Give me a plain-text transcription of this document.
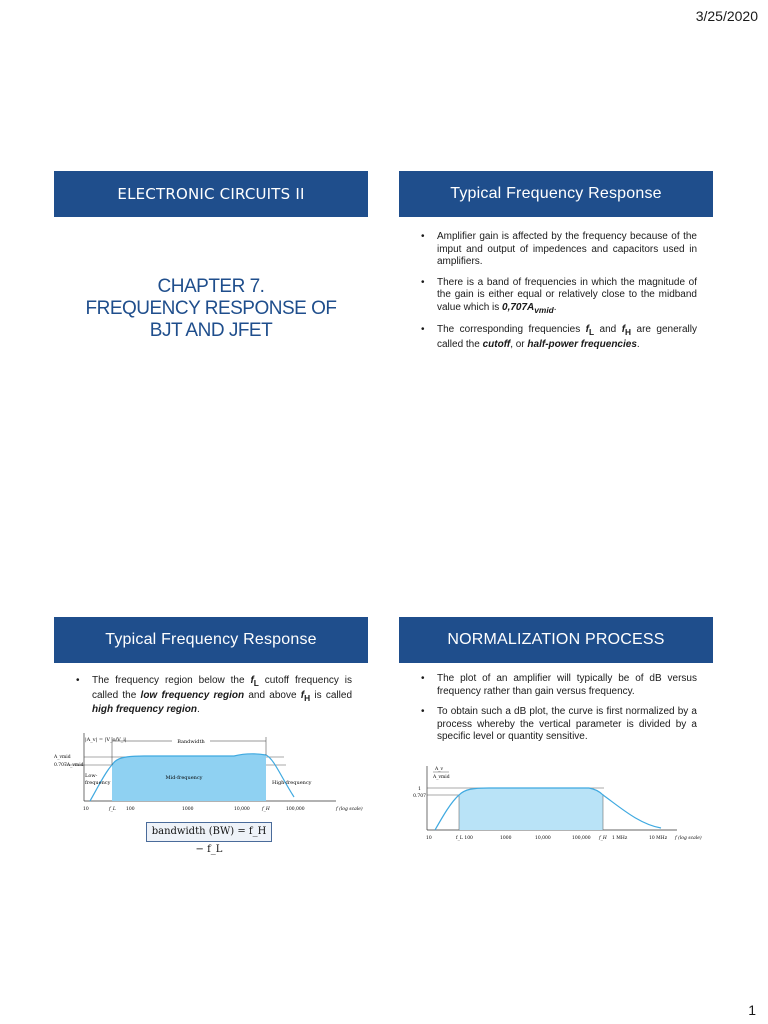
3/25/2020
ELECTRONIC CIRCUITS II
CHAPTER 7.
FREQUENCY RESPONSE OF
BJT AND JFET
Typical Frequency Response
• Amplifier gain is affected by the frequency because of the imput and output of impedences and capacitors used in amplifiers.
• There is a band of frequencies in which the magnitude of the gain is either equal or relatively close to the midband value which is $0,707A_{vmid}$.
• The corresponding frequencies $f_L$ and $f_H$ are generally called the cutoff, or half-power frequencies.
Typical Frequency Response
• The frequency region below the $f_L$ cutoff frequency is called the low frequency region and above $f_H$ is called high frequency region.
|A_v| = |V_o/V_i|
A_vmid
0.707A_vmid
Bandwidth
Mid-frequency
Low-
frequency	High-frequency
10	f_L 100	1000	10,000	f_H	100,000	f (log scale)
bandwidth (BW) = f_H − f_L
NORMALIZATION PROCESS
• The plot of an amplifier will typically be of dB versus frequency rather than gain versus frequency.
• To obtain such a dB plot, the curve is first normalized by a process whereby the vertical parameter is divided by a specific level or quantity sensitive.
A_v
A_vmid
1
0.707
10	f_L 100	1000	10,000	100,000 f_H 1 MHz	10 MHz f (log scale)
1
